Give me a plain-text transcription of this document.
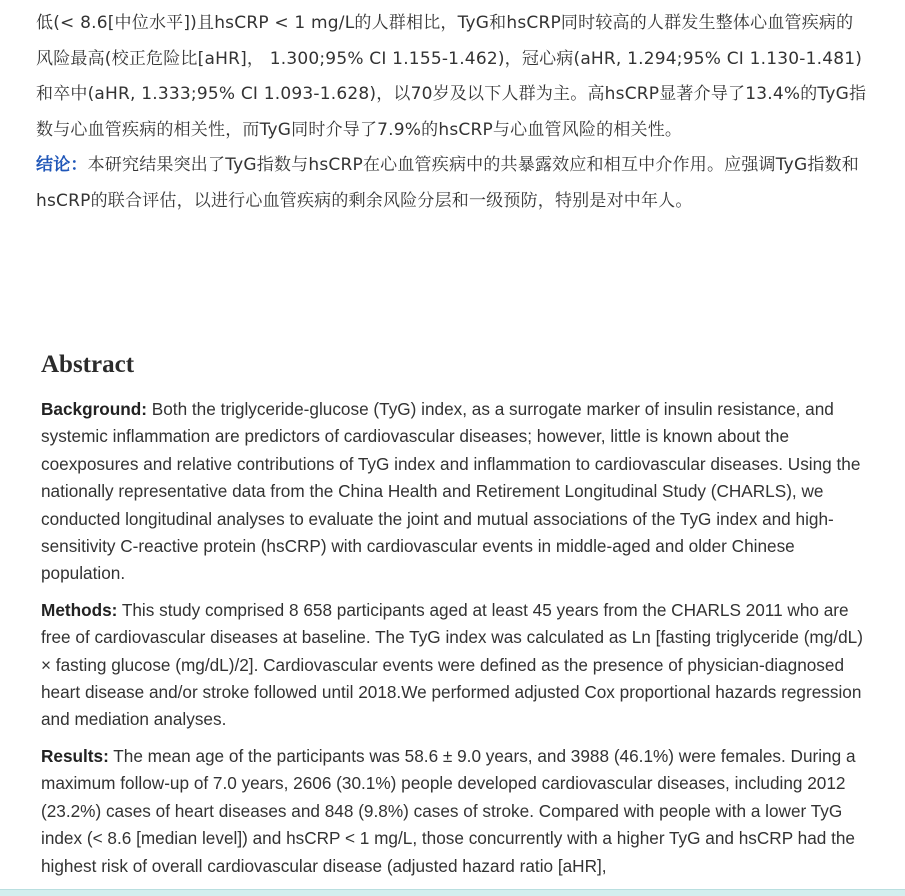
低(< 8.6[中位水平])且hsCRP < 1 mg/L的人群相比，TyG和hsCRP同时较高的人群发生整体心血管疾病的风险最高(校正危险比[aHR]， 1.300;95% CI 1.155-1.462)，冠心病(aHR, 1.294;95% CI 1.130-1.481)和卒中(aHR, 1.333;95% CI 1.093-1.628)，以70岁及以下人群为主。高hsCRP显著介导了13.4%的TyG指数与心血管疾病的相关性，而TyG同时介导了7.9%的hsCRP与心血管风险的相关性。

结论：本研究结果突出了TyG指数与hsCRP在心血管疾病中的共暴露效应和相互中介作用。应强调TyG指数和hsCRP的联合评估，以进行心血管疾病的剩余风险分层和一级预防，特别是对中年人。

Abstract

Background: Both the triglyceride-glucose (TyG) index, as a surrogate marker of insulin resistance, and systemic inflammation are predictors of cardiovascular diseases; however, little is known about the coexposures and relative contributions of TyG index and inflammation to cardiovascular diseases. Using the nationally representative data from the China Health and Retirement Longitudinal Study (CHARLS), we conducted longitudinal analyses to evaluate the joint and mutual associations of the TyG index and high-sensitivity C-reactive protein (hsCRP) with cardiovascular events in middle-aged and older Chinese population.

Methods: This study comprised 8 658 participants aged at least 45 years from the CHARLS 2011 who are free of cardiovascular diseases at baseline. The TyG index was calculated as Ln [fasting triglyceride (mg/dL) × fasting glucose (mg/dL)/2]. Cardiovascular events were defined as the presence of physician-diagnosed heart disease and/or stroke followed until 2018.We performed adjusted Cox proportional hazards regression and mediation analyses.

Results: The mean age of the participants was 58.6 ± 9.0 years, and 3988 (46.1%) were females. During a maximum follow-up of 7.0 years, 2606 (30.1%) people developed cardiovascular diseases, including 2012 (23.2%) cases of heart diseases and 848 (9.8%) cases of stroke. Compared with people with a lower TyG index (< 8.6 [median level]) and hsCRP < 1 mg/L, those concurrently with a higher TyG and hsCRP had the highest risk of overall cardiovascular disease (adjusted hazard ratio [aHR],
